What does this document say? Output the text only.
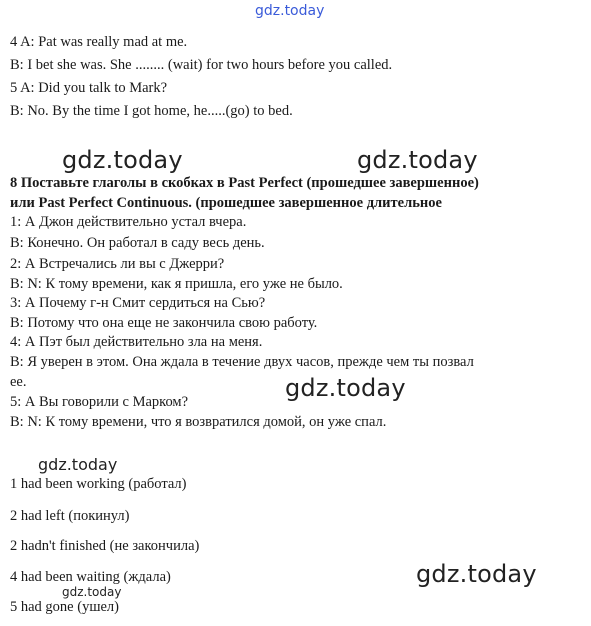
gdz.today
gdz.today	gdz.today
gdz.today
gdz.today
gdz.today
gdz.today
4 A: Pat was really mad at me.
B: I bet she was. She ........ (wait) for two hours before you called.
5 A: Did you talk to Mark?
B: No. By the time I got home, he.....(go) to bed.
8 Поставьте глаголы в скобках в Past Perfect (прошедшее завершенное)
или Past Perfect Continuous. (прошедшее завершенное длительное
1: А Джон действительно устал вчера.
В: Конечно. Он работал в саду весь день.
2: А Встречались ли вы с Джерри?
В: N: К тому времени, как я пришла, его уже не было.
3: А Почему г-н Смит сердиться на Сью?
В: Потому что она еще не закончила свою работу.
4: А Пэт был действительно зла на меня.
В: Я уверен в этом. Она ждала в течение двух часов, прежде чем ты позвал
ее.
5: А Вы говорили с Марком?
В: N: К тому времени, что я возвратился домой, он уже спал.
1 had been working (работал)
2 had left (покинул)
2 hadn't finished (не закончила)
4 had been waiting (ждала)
5 had gone (ушел)
